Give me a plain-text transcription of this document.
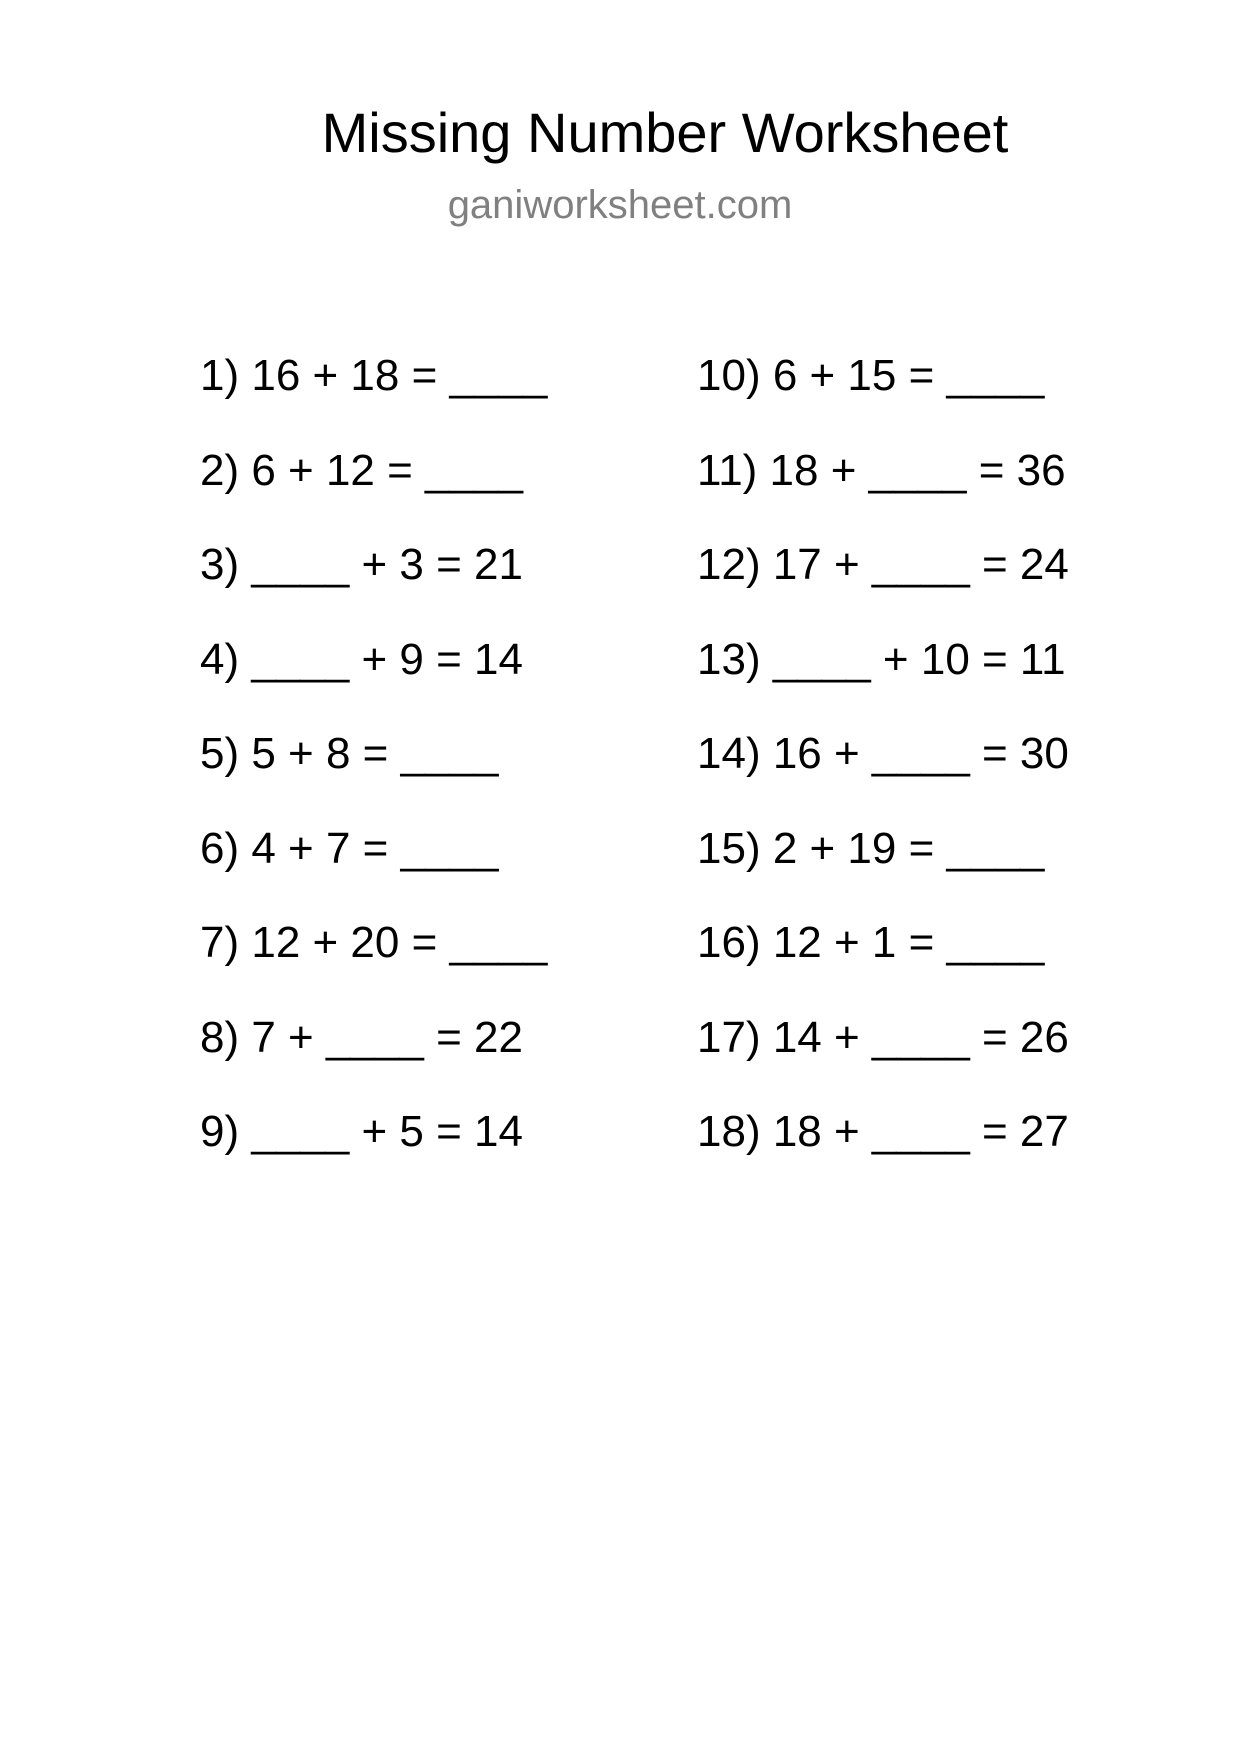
Missing Number Worksheet
ganiworksheet.com
1) 16 + 18 = ____
2) 6 + 12 = ____
3) ____ + 3 = 21
4) ____ + 9 = 14
5) 5 + 8 = ____
6) 4 + 7 = ____
7) 12 + 20 = ____
8) 7 + ____ = 22
9) ____ + 5 = 14
10) 6 + 15 = ____
11) 18 + ____ = 36
12) 17 + ____ = 24
13) ____ + 10 = 11
14) 16 + ____ = 30
15) 2 + 19 = ____
16) 12 + 1 = ____
17) 14 + ____ = 26
18) 18 + ____ = 27
